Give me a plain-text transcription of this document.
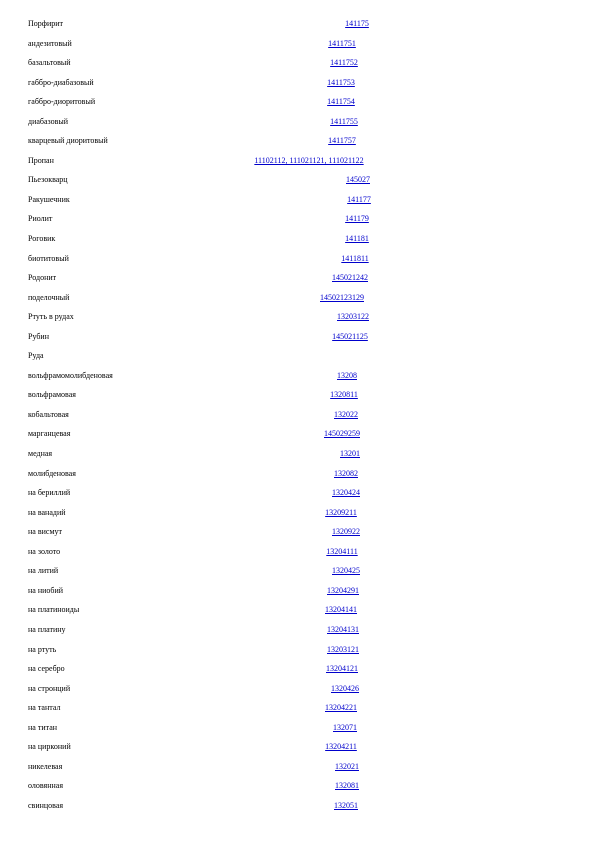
Порфирит	141175
андезитовый	1411751
базальтовый	1411752
габбро-диабазовый	1411753
габбро-диоритовый	1411754
диабазовый	1411755
кварцевый диоритовый	1411757
Пропан	11102112, 111021121, 111021122
Пьезокварц	145027
Ракушечник	141177
Риолит	141179
Роговик	141181
биотитовый	1411811
Родонит	145021242
поделочный	14502123129
Ртуть в рудах	13203122
Рубин	145021125
Руда
вольфрамомолибденовая	13208
вольфрамовая	1320811
кобальтовая	132022
марганцевая	145029259
медная	13201
молибденовая	132082
на бериллий	1320424
на ванадий	13209211
на висмут	1320922
на золото	13204111
на литий	1320425
на ниобий	13204291
на платиноиды	13204141
на платину	13204131
на ртуть	13203121
на серебро	13204121
на стронций	1320426
на тантал	13204221
на титан	132071
на цирконий	13204211
никелевая	132021
оловянная	132081
свинцовая	132051
